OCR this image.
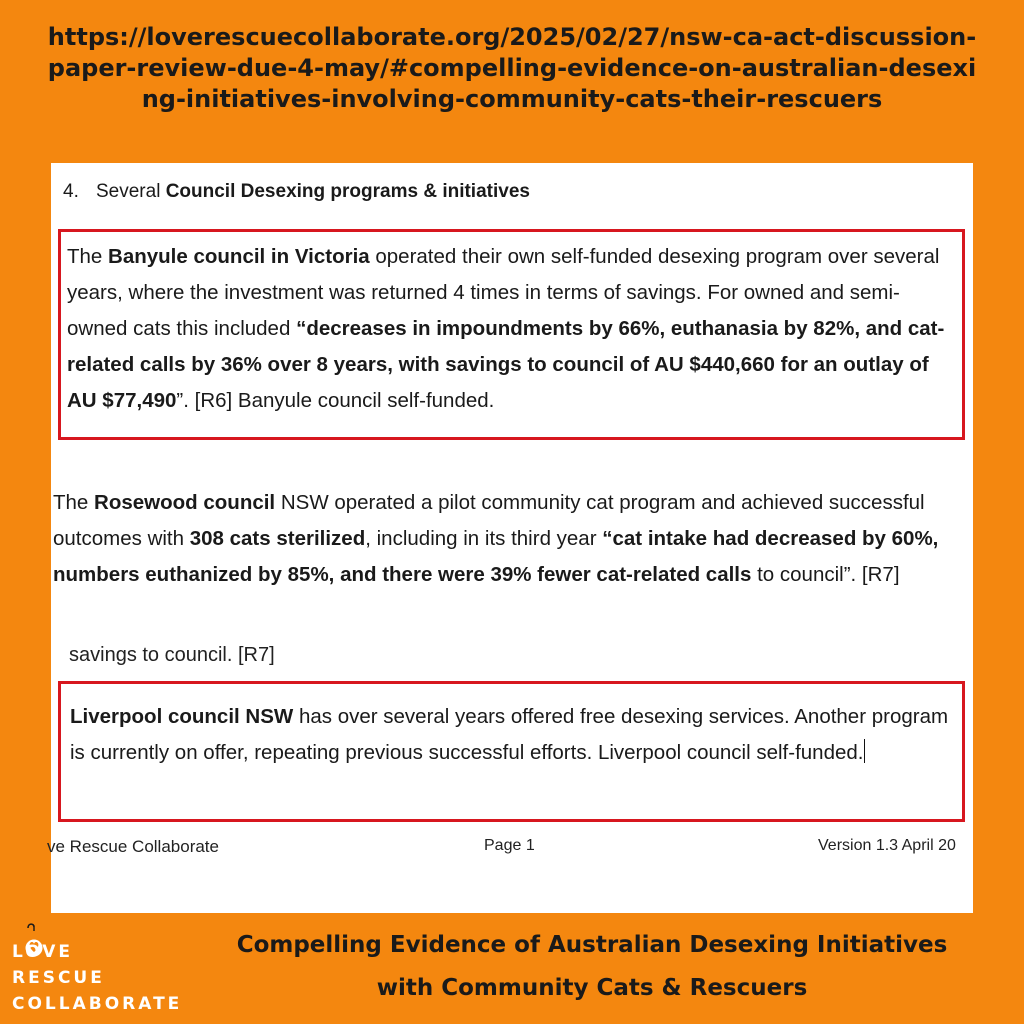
https://loverescuecollaborate.org/2025/02/27/nsw-ca-act-discussion-paper-review-due-4-may/#compelling-evidence-on-australian-desexing-initiatives-involving-community-cats-their-rescuers
4. Several Council Desexing programs & initiatives
The Banyule council in Victoria operated their own self-funded desexing program over several years, where the investment was returned 4 times in terms of savings. For owned and semi-owned cats this included “decreases in impoundments by 66%, euthanasia by 82%, and cat-related calls by 36% over 8 years, with savings to council of AU $440,660 for an outlay of AU $77,490”. [R6] Banyule council self-funded.
The Rosewood council NSW operated a pilot community cat program and achieved successful outcomes with 308 cats sterilized, including in its third year “cat intake had decreased by 60%, numbers euthanized by 85%, and there were 39% fewer cat-related calls to council”. [R7]
savings to council. [R7]
Liverpool council NSW has over several years offered free desexing services. Another program is currently on offer, repeating previous successful efforts. Liverpool council self-funded.
ve Rescue Collaborate	Page 1	Version 1.3 April 20
LOVE
RESCUE
COLLABORATE
Compelling Evidence of Australian Desexing Initiatives
with Community Cats & Rescuers
